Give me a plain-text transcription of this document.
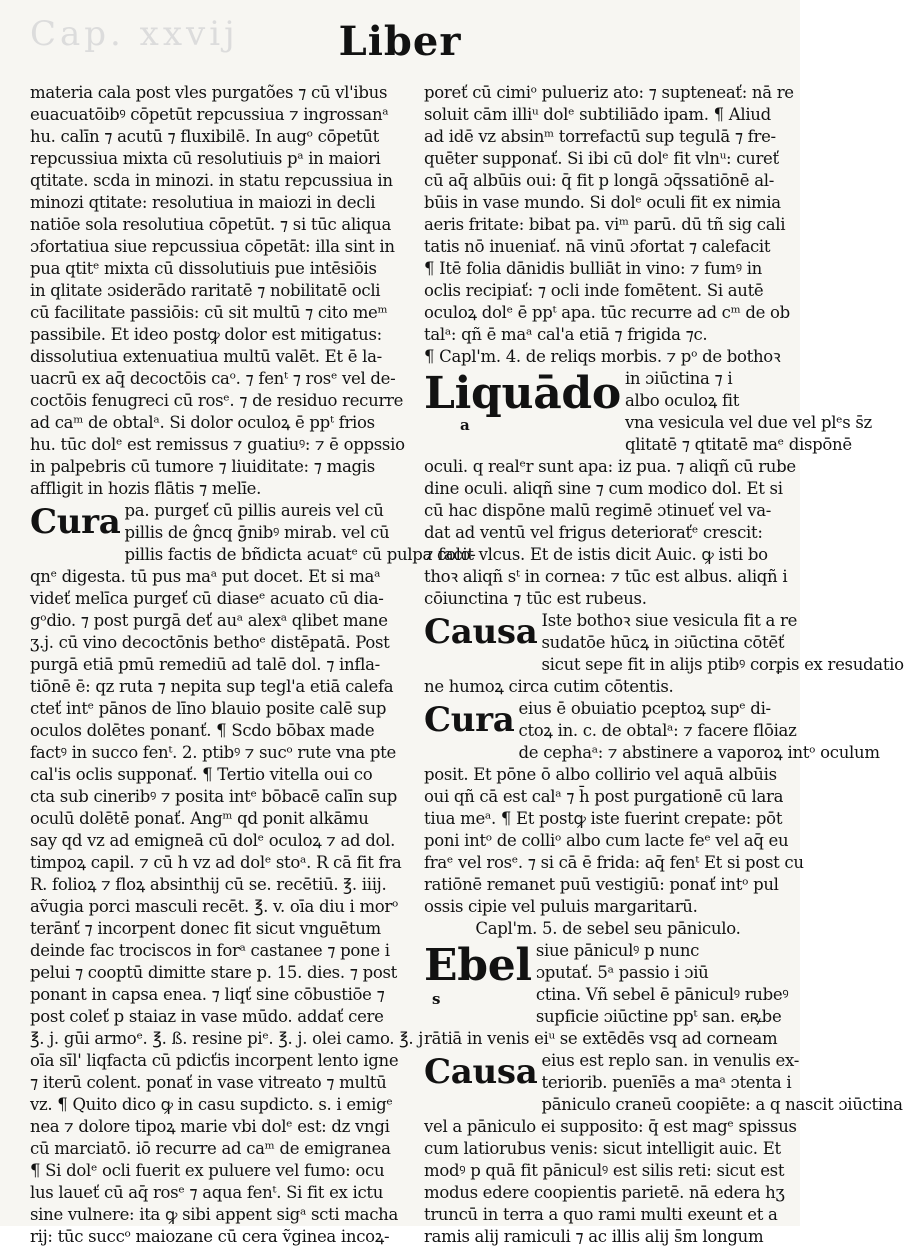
Cap. xxvij	Liber
materia cala post vles purgatões ⁊ cū vl'ibus
euacuatōibꝰ cōpetūt repcussiua ⁊ ingrossanᵃ
hu. calīn ⁊ acutū ⁊ fluxibilē. In augᵒ cōpetūt
repcussiua mixta cū resolutiuis pᵃ in maiori
qtitate. scda in minozi. in statu repcussiua in
minozi qtitate: resolutiua in maiozi in decli
natiōe sola resolutiua cōpetūt. ⁊ si tūc aliqua
ɔfortatiua siue repcussiua cōpetāt: illa sint in
pua qtitᵉ mixta cū dissolutiuis pue intēsiōis
in qlitate ɔsiderādo raritatē ⁊ nobilitatē ocli
cū facilitate passiōis: cū sit multū ⁊ cito meᵐ
passibile. Et ideo postꝙ dolor est mitigatus:
dissolutiua extenuatiua multū valēt. Et ē la-
uacrū ex aq̄ decoctōis caᵒ. ⁊ fenᵗ ⁊ rosᵉ vel de-
coctōis fenugreci cū rosᵉ. ⁊ de residuo recurre
ad caᵐ de obtalᵃ. Si dolor oculoꝝ ē ppᵗ frios
hu. tūc dolᵉ est remissus ⁊ guatiuꝰ: ⁊ ē oppssio
in palpebris cū tumore ⁊ liuiditate: ⁊ magis
affligit in hozis flātis ⁊ melīe.
Cura pa. purgeť cū pillis aureis vel cū
pillis de ĝncq ḡnibꝰ mirab. vel cū
pillis factis de bñdicta acuatᵉ cū pulpa colo-
qnᵉ digesta. tū pus maᵃ put docet. Et si maᵃ
videť melīca purgeť cū diaseᵉ acuato cū dia-
gᵒdio. ⁊ post purgā deť auᵃ alexᵃ qlibet mane
ʒ.j. cū vino decoctōnis bethoᵉ distēpatā. Post
purgā etiā pmū remediū ad talē dol. ⁊ infla-
tiōnē ē: qz ruta ⁊ nepita sup tegl'a etiā calefa
cteť intᵉ pānos de līno blauio posite calē sup
oculos dolētes ponanť. ¶ Scdo bōbax made
factꝰ in succo fenᵗ. 2. ptibꝰ ⁊ sucᵒ rute vna pte
cal'is oclis supponať. ¶ Tertio vitella oui co
cta sub cineribꝰ ⁊ posita intᵉ bōbacē calīn sup
oculū dolētē ponať. Angᵐ qd ponit alkāmu
say qd vz ad emigneā cū dolᵉ oculoꝝ ⁊ ad dol.
timpoꝝ capil. ⁊ cū h vz ad dolᵉ stoᵃ. R cā fit fra
R. folioꝝ ⁊ floꝝ absinthij cū se. recētiū. ℥. iiij.
aṽugia porci masculi recēt. ℥. v. oīa diu i morᵒ
terānť ⁊ incorpent donec fit sicut vnguētum
deinde fac trociscos in forᵃ castanee ⁊ pone i
pelui ⁊ cooptū dimitte stare p. 15. dies. ⁊ post
ponant in capsa enea. ⁊ liqť sine cōbustiōe ⁊
post coleť p staiaz in vase mūdo. addať cere
℥. j. gūi armoᵉ. ℥. ß. resine piᵉ. ℥. j. olei camo. ℥. j
oīa sīl' liqfacta cū pdicťis incorpent lento igne
⁊ iterū colent. ponať in vase vitreato ⁊ multū
vz. ¶ Quito dico ꝙ in casu supdicto. s. i emigᵉ
nea ⁊ dolore tipoꝝ marie vbi dolᵉ est: dz vngi
cū marciatō. iō recurre ad caᵐ de emigranea
¶ Si dolᵉ ocli fuerit ex puluere vel fumo: ocu
lus laueť cū aq̄ rosᵉ ⁊ aqua fenᵗ. Si fit ex ictu
sine vulnere: ita ꝙ sibi appent sigᵃ scti macha
rij: tūc succᵒ maiozane cū cera ṽginea incoꝝ-
poreť cū cimiᵒ pulueriz ato: ⁊ supteneať: nā re
soluit cām illiᵘ dolᵉ subtiliādo ipam. ¶ Aliud
ad idē vz absinᵐ torrefactū sup tegulā ⁊ fre-
quēter supponať. Si ibi cū dolᵉ fit vlnᵘ: cureť
cū aq̄ albūis oui: q̄ fit p longā ɔq̄ssatiōnē al-
būis in vase mundo. Si dolᵉ oculi fit ex nimia
aeris fritate: bibat pa. viᵐ parū. dū tñ sig cali
tatis nō inueniať. nā vinū ɔfortat ⁊ calefacit
¶ Itē folia dānidis bulliāt in vino: ⁊ fumꝰ in
oclis recipiať: ⁊ ocli inde fomētent. Si autē
oculoꝝ dolᵉ ē ppᵗ apa. tūc recurre ad cᵐ de ob
talᵃ: qñ ē maᵃ cal'a etiā ⁊ frigida ⁊c.
¶ Capl'm. 4. de reliqs morbis. ⁊ pᵒ de bothoꝛ
Liquādo in ɔiūctina ⁊ i
albo oculoꝝ fit
vna vesicula vel due vel plᵉs s̄z
qlitatē ⁊ qtitatē maᵉ dispōnē
a
oculi. q realᵉr sunt apa: iz pua. ⁊ aliqñ cū rube
dine oculi. aliqñ sine ⁊ cum modico dol. Et si
cū hac dispōne malū regimē ɔtinueť vel va-
dat ad ventū vel frigus deterioraťᵉ crescit:
⁊ facit vlcus. Et de istis dicit Auic. ꝙ isti bo
thoꝛ aliqñ sᵗ in cornea: ⁊ tūc est albus. aliqñ i
cōiunctina ⁊ tūc est rubeus.
Causa Iste bothoꝛ siue vesicula fit a re
sudatōe hūcꝝ in ɔiūctina cōtēť
sicut sepe fit in alijs ptibꝰ corꝑis ex resudatio
ne humoꝝ circa cutim cōtentis.
Cura eius ē obuiatio pceptoꝝ supᵉ di-
ctoꝝ in. c. de obtalᵃ: ⁊ facere flōiaz
de cephaᵃ: ⁊ abstinere a vaporoꝝ intᵒ oculum
posit. Et pōne ō albo collirio vel aquā albūis
oui qñ cā est calᵃ ⁊ h̄ post purgationē cū lara
tiua meᵃ. ¶ Et postꝙ iste fuerint crepate: pōt
poni intᵒ de colliᵒ albo cum lacte feᵉ vel aq̄ eu
fraᵉ vel rosᵉ. ⁊ si cā ē frida: aq̄ fenᵗ Et si post cu
ratiōnē remanet puū vestigiū: ponať intᵒ pul
ossis cipie vel puluis margaritarū.
Capl'm. 5. de sebel seu pāniculo.
Ebel siue pāniculꝰ p nunc
ɔputať. 5ᵃ passio i ɔiū
ctina. Vñ sebel ē pāniculꝰ rubeꝰ
supficie ɔiūctine ppᵗ san. eꝶbe
s
rātiā in venis eiᵘ se extēdēs vsq ad corneam
Causa eius est replo san. in venulis ex-
teriorib. puenīēs a maᵃ ɔtenta i
pāniculo craneū coopiēte: a q nascit ɔiūctina
vel a pāniculo ei supposito: q̄ est magᵉ spissus
cum latiorubus venis: sicut intelligit auic. Et
modꝰ p quā fit pāniculꝰ est silis reti: sicut est
modus edere coopientis parietē. nā edera hʒ
truncū in terra a quo rami multi exeunt et a
ramis alij ramiculi ⁊ ac illis alij s̄m longum
